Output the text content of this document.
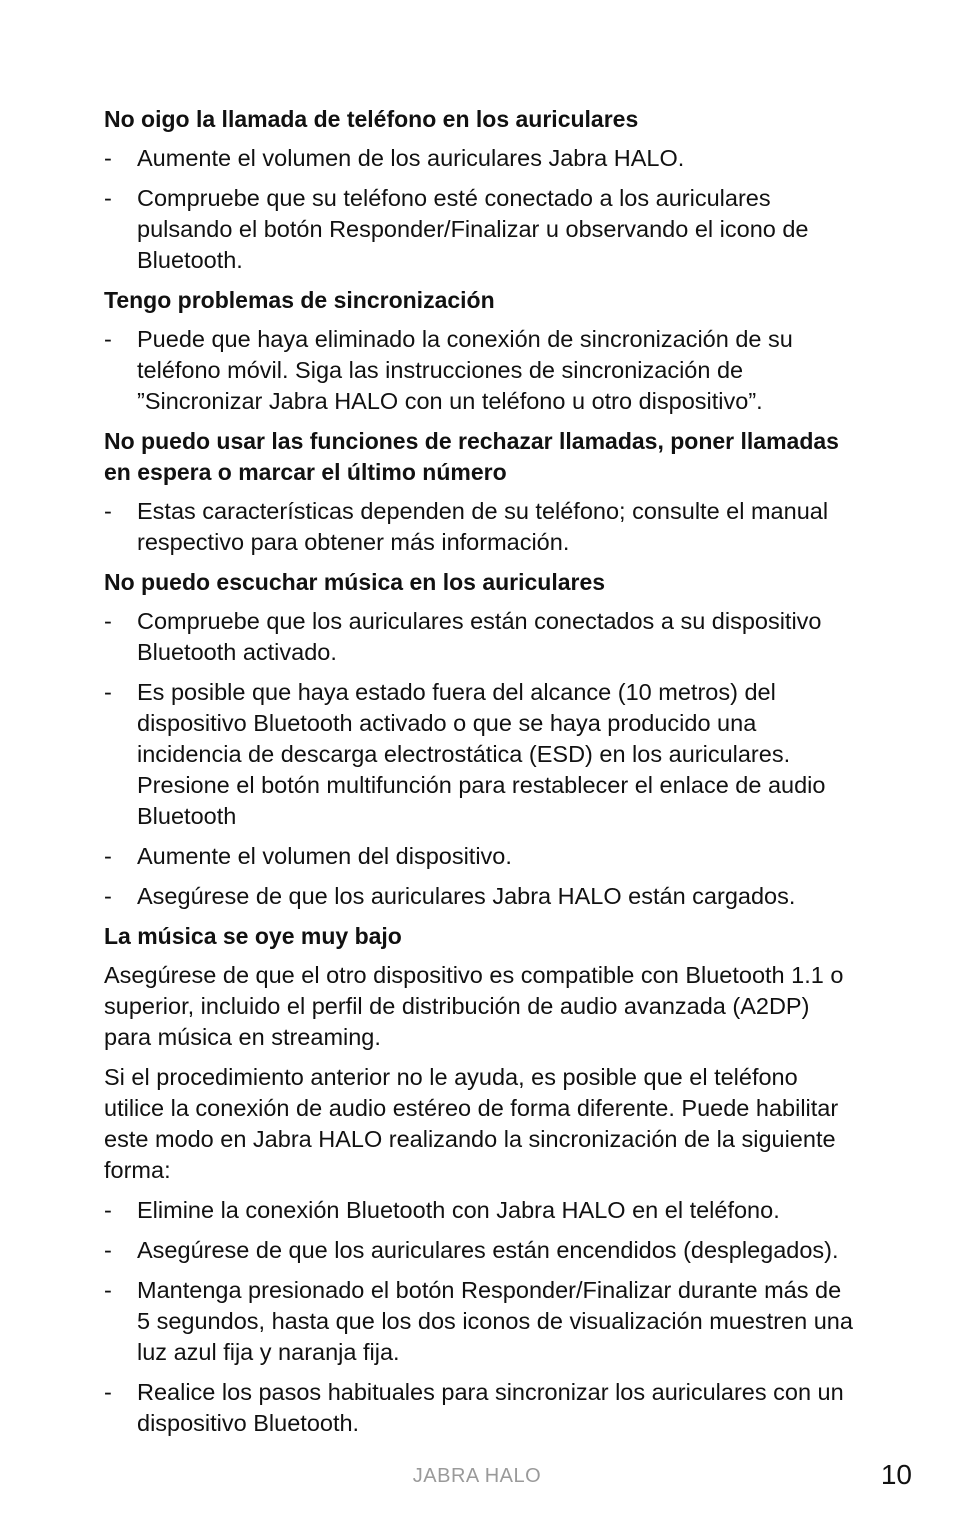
No oigo la llamada de teléfono en los auriculares
-	Aumente el volumen de los auriculares Jabra HALO.
-	Compruebe que su teléfono esté conectado a los auriculares pulsando el botón Responder/Finalizar u observando el icono de Bluetooth.
Tengo problemas de sincronización
-	Puede que haya eliminado la conexión de sincronización de su teléfono móvil. Siga las instrucciones de sincronización de ”Sincronizar Jabra HALO con un teléfono u otro dispositivo”.
No puedo usar las funciones de rechazar llamadas, poner llamadas en espera o marcar el último número
-	Estas características dependen de su teléfono; consulte el manual respectivo para obtener más información.
No puedo escuchar música en los auriculares
-	Compruebe que los auriculares están conectados a su dispositivo Bluetooth activado.
-	Es posible que haya estado fuera del alcance (10 metros) del dispositivo Bluetooth activado o que se haya producido una incidencia de descarga electrostática (ESD) en los auriculares. Presione el botón multifunción para restablecer el enlace de audio Bluetooth
-	Aumente el volumen del dispositivo.
-	Asegúrese de que los auriculares Jabra HALO están cargados.
La música se oye muy bajo

Asegúrese de que el otro dispositivo es compatible con Bluetooth 1.1 o superior, incluido el perfil de distribución de audio avanzada (A2DP) para música en streaming.

Si el procedimiento anterior no le ayuda, es posible que el teléfono utilice la conexión de audio estéreo de forma diferente. Puede habilitar este modo en Jabra HALO realizando la sincronización de la siguiente forma:

-	Elimine la conexión Bluetooth con Jabra HALO en el teléfono.
-	Asegúrese de que los auriculares están encendidos (desplegados).
-	Mantenga presionado el botón Responder/Finalizar durante más de 5 segundos, hasta que los dos iconos de visualización muestren una luz azul fija y naranja fija.
-	Realice los pasos habituales para sincronizar los auriculares con un dispositivo Bluetooth.
JABRA HALO	10
